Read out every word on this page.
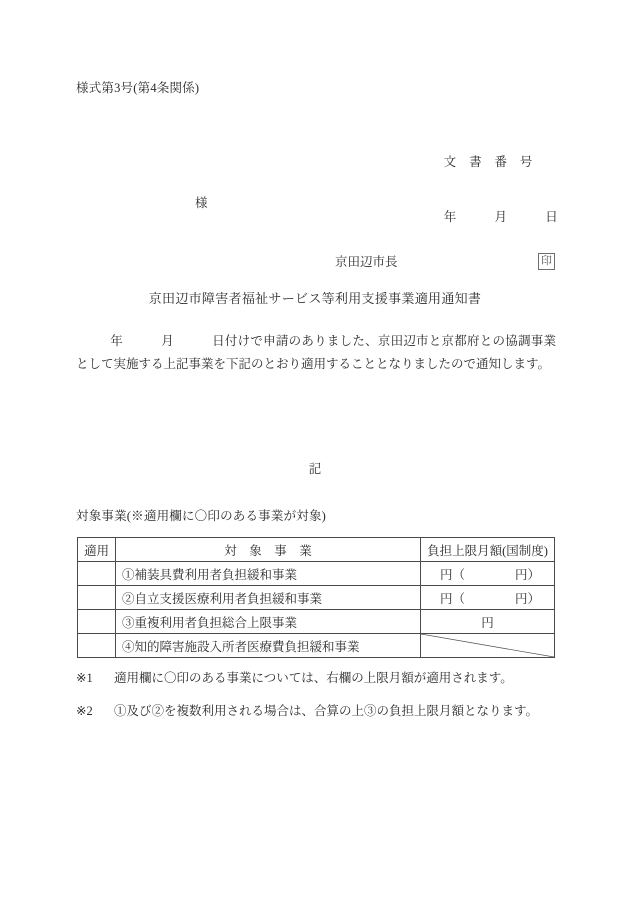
様式第3号(第4条関係)

文　書　番　号

年　　　月　　　日

様
京田辺市長	印
京田辺市障害者福祉サービス等利用支援事業適用通知書
年　　　月　　　日付けで申請のありました、京田辺市と京都府との協調事業として実施する上記事業を下記のとおり適用することとなりましたので通知します。
記
対象事業(※適用欄に〇印のある事業が対象)
適用	対　象　事　業	負担上限月額(国制度)
	①補装具費利用者負担緩和事業	円（　　　　円）

	②自立支援医療利用者負担緩和事業	円（　　　　円）

	③重複利用者負担総合上限事業	円

	④知的障害施設入所者医療費負担緩和事業	
※1	適用欄に〇印のある事業については、右欄の上限月額が適用されます。
※2	①及び②を複数利用される場合は、合算の上③の負担上限月額となります。
